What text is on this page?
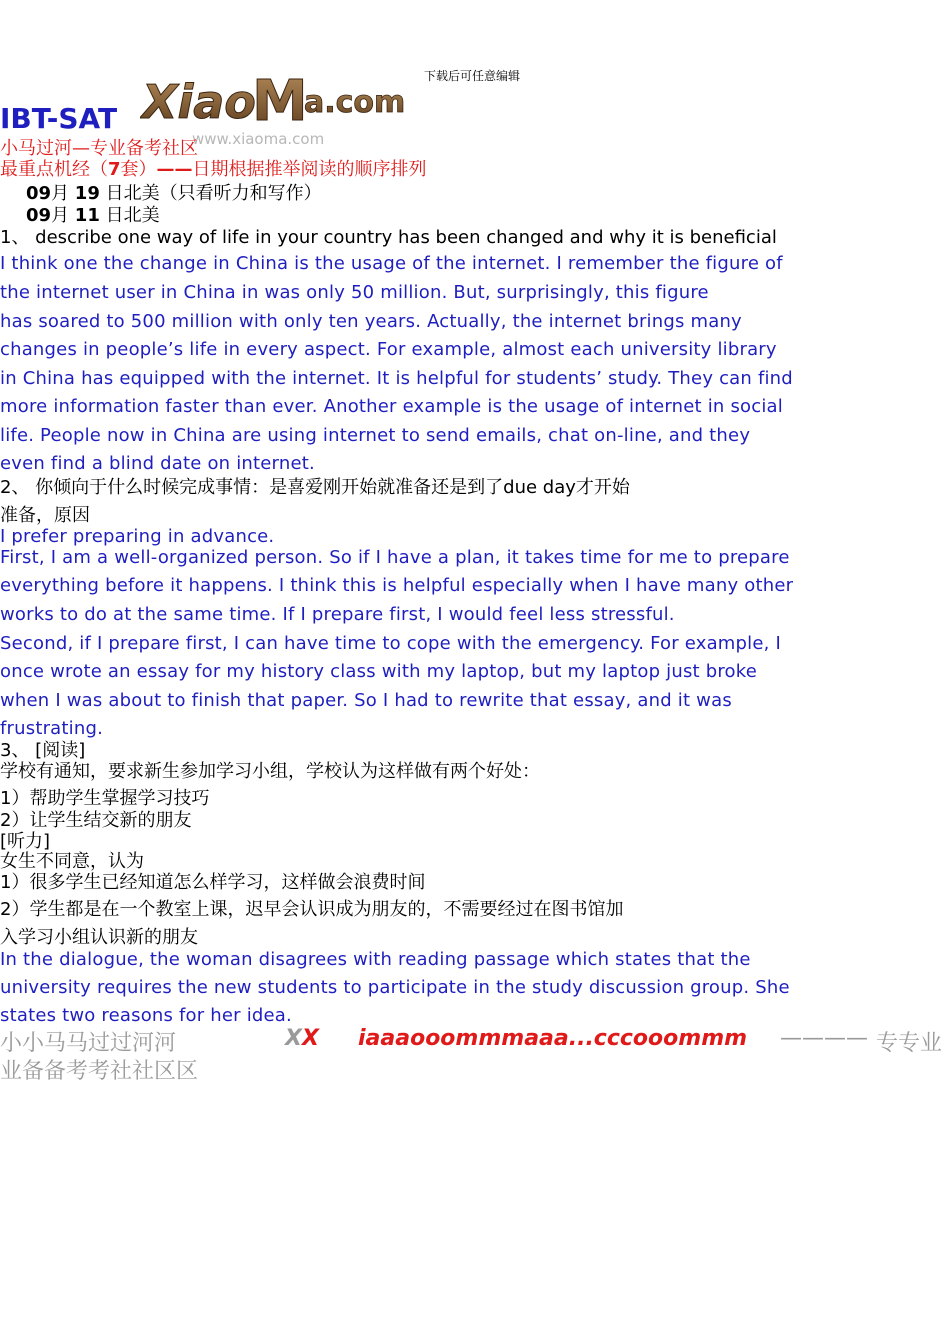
下载后可任意编辑
Xiao
M
a.com
www.xiaoma.com
IBT-SAT
小马过河—专业备考社区
最重点机经（7套）——日期根据推举阅读的顺序排列
09月 19 日北美（只看听力和写作）
09月 11 日北美
1、 describe one way of life in your country has been changed and why it is beneficial
I think one the change in China is the usage of the internet. I remember the figure of
the internet user in China in was only 50 million. But, surprisingly, this figure
has soared to 500 million with only ten years. Actually, the internet brings many
changes in people’s life in every aspect. For example, almost each university library
in China has equipped with the internet. It is helpful for students’ study. They can find
more information faster than ever. Another example is the usage of internet in social
life. People now in China are using internet to send emails, chat on-line, and they
even find a blind date on internet.
2、 你倾向于什么时候完成事情：是喜爱刚开始就准备还是到了due day才开始
准备，原因
I prefer preparing in advance.
First, I am a well-organized person. So if I have a plan, it takes time for me to prepare
everything before it happens. I think this is helpful especially when I have many other
works to do at the same time. If I prepare first, I would feel less stressful.
Second, if I prepare first, I can have time to cope with the emergency. For example, I
once wrote an essay for my history class with my laptop, but my laptop just broke
when I was about to finish that paper. So I had to rewrite that essay, and it was
frustrating.
3、 [阅读]
学校有通知，要求新生参加学习小组，学校认为这样做有两个好处：
1）帮助学生掌握学习技巧
2）让学生结交新的朋友
[听力]
女生不同意，认为
1）很多学生已经知道怎么样学习，这样做会浪费时间
2）学生都是在一个教室上课，迟早会认识成为朋友的，不需要经过在图书馆加
入学习小组认识新的朋友
In the dialogue, the woman disagrees with reading passage which states that the
university requires the new students to participate in the study discussion group. She
states two reasons for her idea.
小小马马过过河河	XX iaaaooommmaaa...cccooommm ———— 专专业
业备备考考社社区区
